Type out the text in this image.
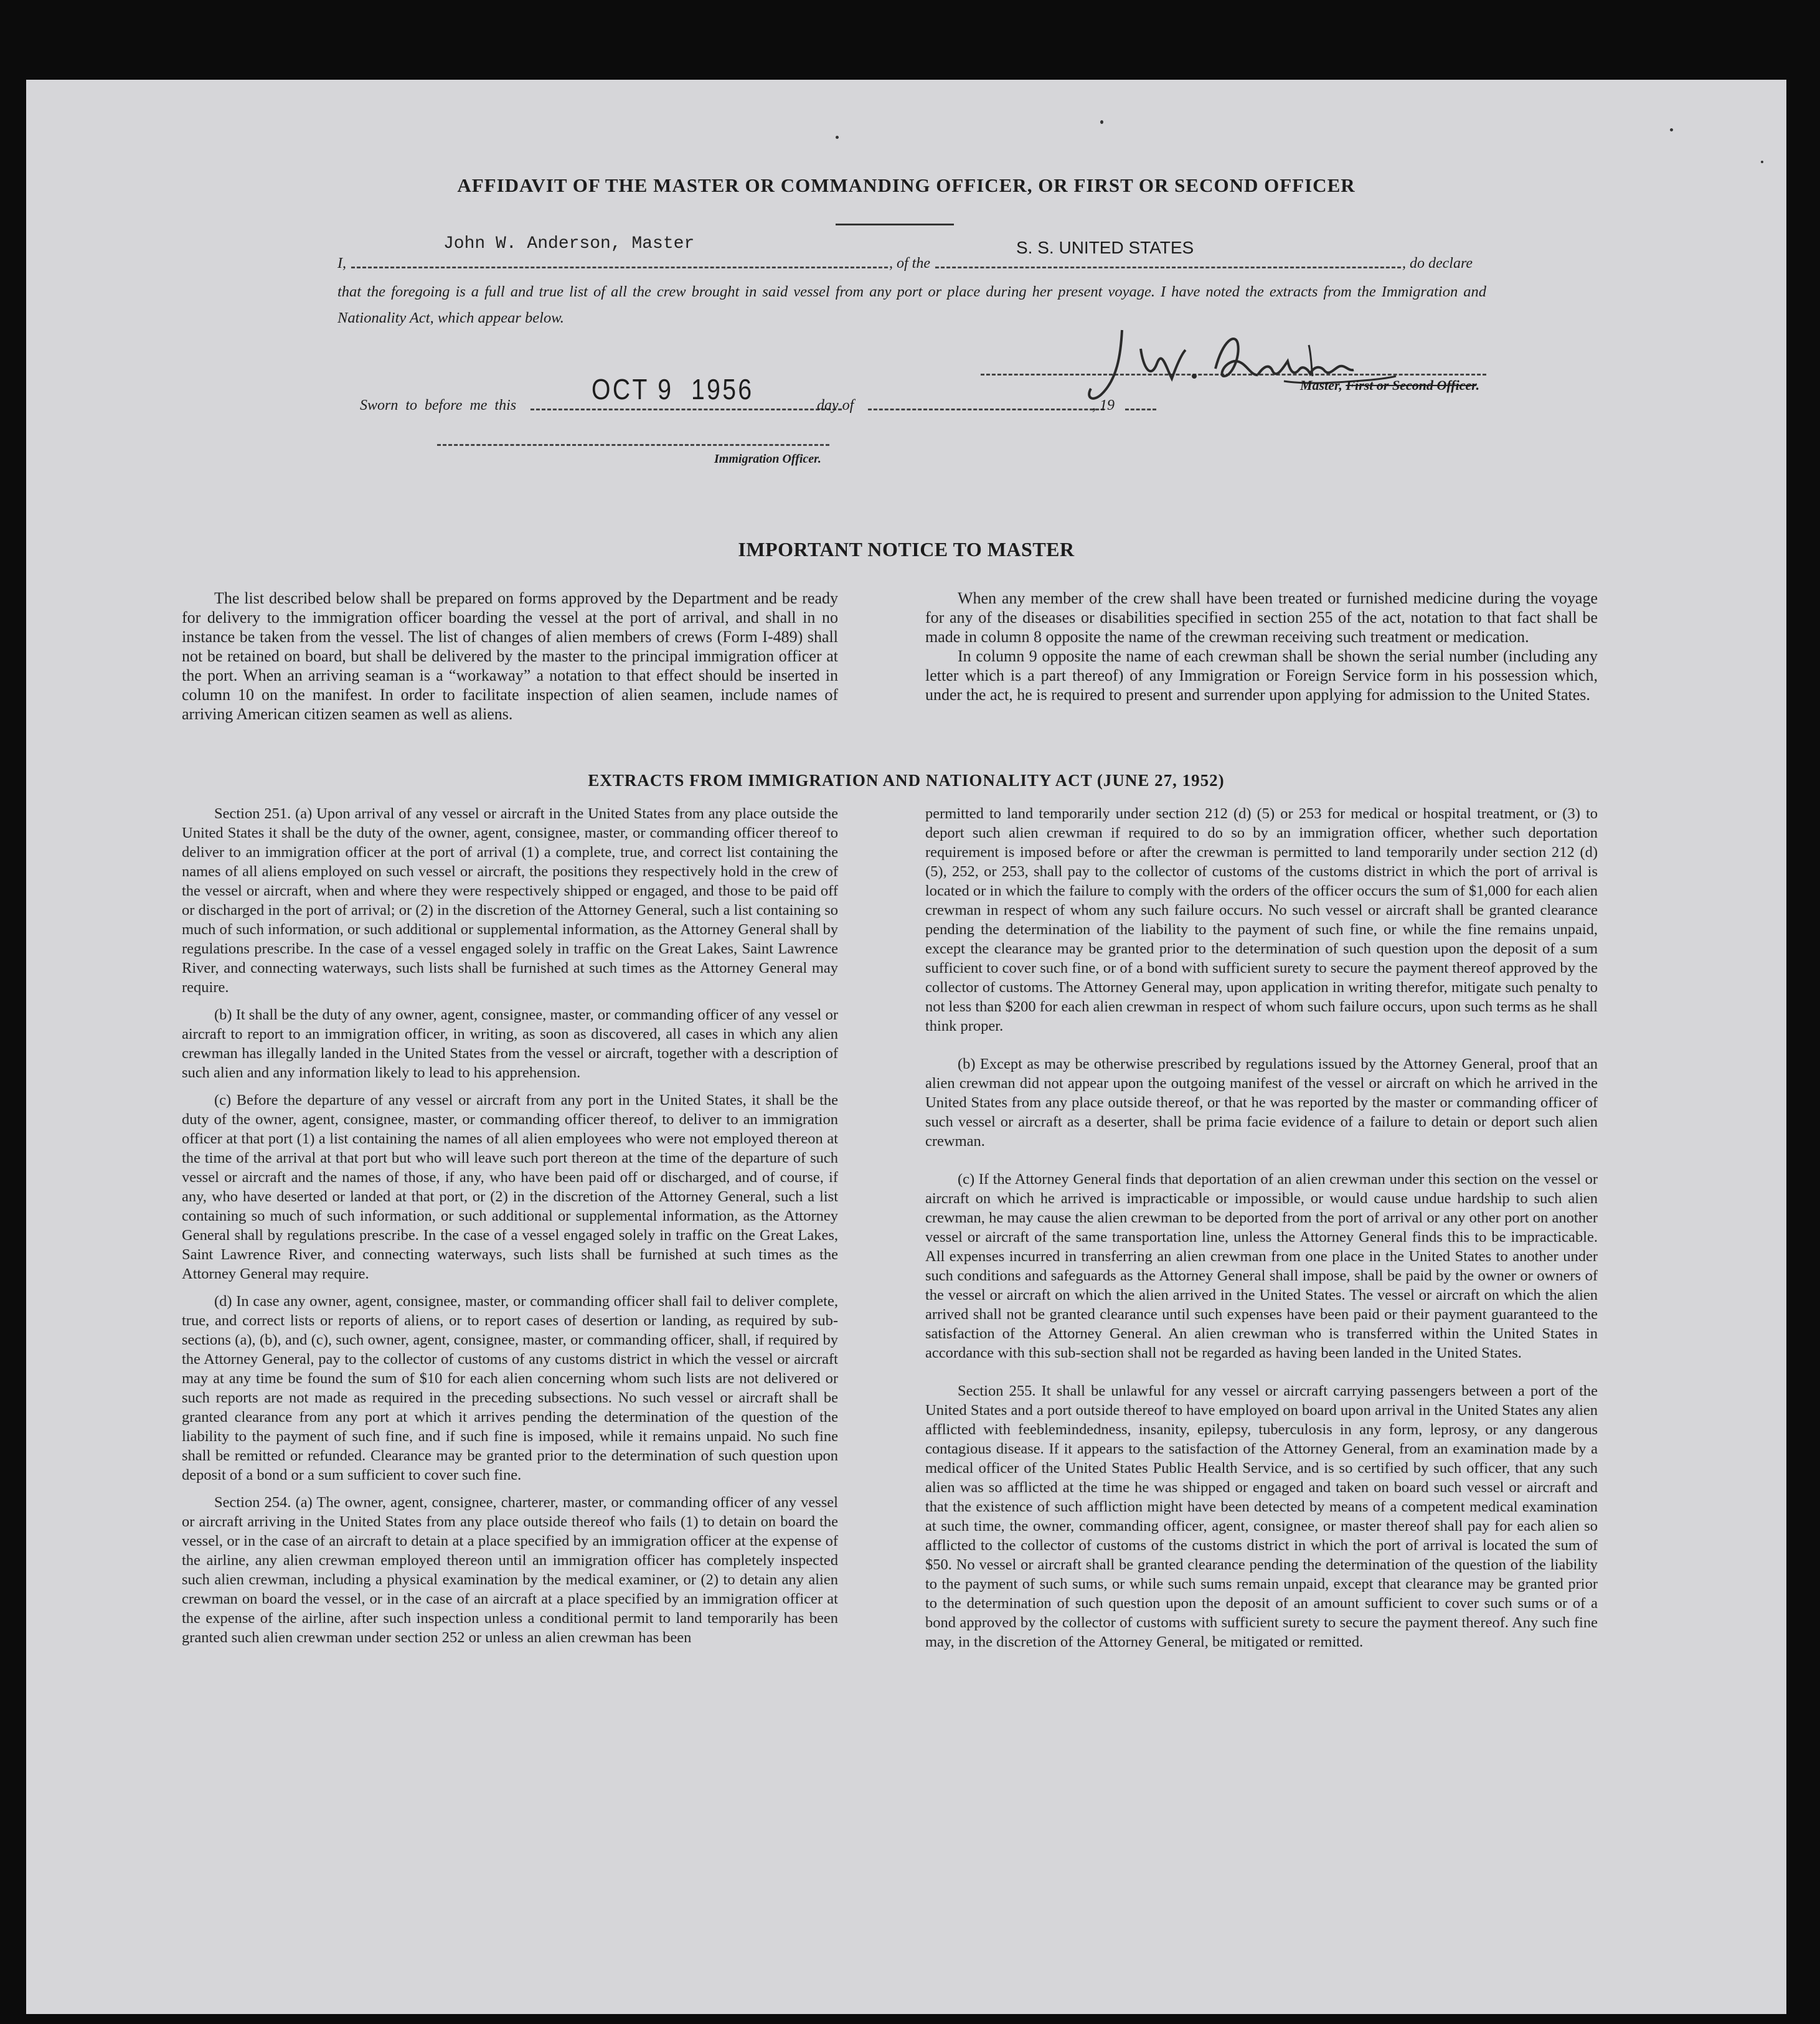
AFFIDAVIT OF THE MASTER OR COMMANDING OFFICER, OR FIRST OR SECOND OFFICER
I,
John W. Anderson, Master
, of the
S. S. UNITED STATES
, do declare
that the foregoing is a full and true list of all the crew brought in said vessel from any port or place during her present voyage. I have noted the extracts from the Immigration and Nationality Act, which appear below.
Master, First or Second Officer.
Sworn to before me this	OCT 9  1956	day of	, 19
Immigration Officer.
IMPORTANT NOTICE TO MASTER

The list described below shall be prepared on forms approved by the Department and be ready for delivery to the immigration officer boarding the vessel at the port of arrival, and shall in no instance be taken from the vessel. The list of changes of alien members of crews (Form I-489) shall not be retained on board, but shall be delivered by the master to the principal immigration officer at the port. When an arriving seaman is a “workaway” a notation to that effect should be inserted in column 10 on the manifest. In order to facilitate inspection of alien seamen, include names of arriving American citizen seamen as well as aliens.

When any member of the crew shall have been treated or furnished medicine during the voyage for any of the diseases or disabilities specified in section 255 of the act, notation to that fact shall be made in column 8 opposite the name of the crewman receiving such treatment or medication.

In column 9 opposite the name of each crewman shall be shown the serial number (including any letter which is a part thereof) of any Immigration or Foreign Service form in his possession which, under the act, he is required to present and surrender upon applying for admission to the United States.

EXTRACTS FROM IMMIGRATION AND NATIONALITY ACT (JUNE 27, 1952)

Section 251. (a) Upon arrival of any vessel or aircraft in the United States from any place outside the United States it shall be the duty of the owner, agent, consignee, master, or commanding officer thereof to deliver to an immigration officer at the port of arrival (1) a complete, true, and correct list containing the names of all aliens employed on such vessel or aircraft, the positions they respectively hold in the crew of the vessel or aircraft, when and where they were respectively shipped or engaged, and those to be paid off or discharged in the port of arrival; or (2) in the discretion of the Attorney General, such a list containing so much of such information, or such additional or supplemental information, as the Attorney General shall by regulations prescribe. In the case of a vessel engaged solely in traffic on the Great Lakes, Saint Lawrence River, and connecting waterways, such lists shall be furnished at such times as the Attorney General may require.

(b) It shall be the duty of any owner, agent, consignee, master, or commanding officer of any vessel or aircraft to report to an immigration officer, in writing, as soon as discovered, all cases in which any alien crewman has illegally landed in the United States from the vessel or aircraft, together with a description of such alien and any information likely to lead to his apprehension.

(c) Before the departure of any vessel or aircraft from any port in the United States, it shall be the duty of the owner, agent, consignee, master, or commanding officer thereof, to deliver to an immigration officer at that port (1) a list containing the names of all alien employees who were not employed thereon at the time of the arrival at that port but who will leave such port thereon at the time of the departure of such vessel or aircraft and the names of those, if any, who have been paid off or discharged, and of course, if any, who have deserted or landed at that port, or (2) in the discretion of the Attorney General, such a list containing so much of such information, or such additional or supplemental information, as the Attorney General shall by regulations prescribe. In the case of a vessel engaged solely in traffic on the Great Lakes, Saint Lawrence River, and connecting waterways, such lists shall be furnished at such times as the Attorney General may require.

(d) In case any owner, agent, consignee, master, or commanding officer shall fail to deliver complete, true, and correct lists or reports of aliens, or to report cases of desertion or landing, as required by sub-sections (a), (b), and (c), such owner, agent, consignee, master, or commanding officer, shall, if required by the Attorney General, pay to the collector of customs of any customs district in which the vessel or aircraft may at any time be found the sum of $10 for each alien concerning whom such lists are not delivered or such reports are not made as required in the preceding subsections. No such vessel or aircraft shall be granted clearance from any port at which it arrives pending the determination of the question of the liability to the payment of such fine, and if such fine is imposed, while it remains unpaid. No such fine shall be remitted or refunded. Clearance may be granted prior to the determination of such question upon deposit of a bond or a sum sufficient to cover such fine.

Section 254. (a) The owner, agent, consignee, charterer, master, or commanding officer of any vessel or aircraft arriving in the United States from any place outside thereof who fails (1) to detain on board the vessel, or in the case of an aircraft to detain at a place specified by an immigration officer at the expense of the airline, any alien crewman employed thereon until an immigration officer has completely inspected such alien crewman, including a physical examination by the medical examiner, or (2) to detain any alien crewman on board the vessel, or in the case of an aircraft at a place specified by an immigration officer at the expense of the airline, after such inspection unless a conditional permit to land temporarily has been granted such alien crewman under section 252 or unless an alien crewman has been

permitted to land temporarily under section 212 (d) (5) or 253 for medical or hospital treatment, or (3) to deport such alien crewman if required to do so by an immigration officer, whether such deportation requirement is imposed before or after the crewman is permitted to land temporarily under section 212 (d) (5), 252, or 253, shall pay to the collector of customs of the customs district in which the port of arrival is located or in which the failure to comply with the orders of the officer occurs the sum of $1,000 for each alien crewman in respect of whom any such failure occurs. No such vessel or aircraft shall be granted clearance pending the determination of the liability to the payment of such fine, or while the fine remains unpaid, except the clearance may be granted prior to the determination of such question upon the deposit of a sum sufficient to cover such fine, or of a bond with sufficient surety to secure the payment thereof approved by the collector of customs. The Attorney General may, upon application in writing therefor, mitigate such penalty to not less than $200 for each alien crewman in respect of whom such failure occurs, upon such terms as he shall think proper.

(b) Except as may be otherwise prescribed by regulations issued by the Attorney General, proof that an alien crewman did not appear upon the outgoing manifest of the vessel or aircraft on which he arrived in the United States from any place outside thereof, or that he was reported by the master or commanding officer of such vessel or aircraft as a deserter, shall be prima facie evidence of a failure to detain or deport such alien crewman.

(c) If the Attorney General finds that deportation of an alien crewman under this section on the vessel or aircraft on which he arrived is impracticable or impossible, or would cause undue hardship to such alien crewman, he may cause the alien crewman to be deported from the port of arrival or any other port on another vessel or aircraft of the same transportation line, unless the Attorney General finds this to be impracticable. All expenses incurred in transferring an alien crewman from one place in the United States to another under such conditions and safeguards as the Attorney General shall impose, shall be paid by the owner or owners of the vessel or aircraft on which the alien arrived in the United States. The vessel or aircraft on which the alien arrived shall not be granted clearance until such expenses have been paid or their payment guaranteed to the satisfaction of the Attorney General. An alien crewman who is transferred within the United States in accordance with this sub-section shall not be regarded as having been landed in the United States.

Section 255. It shall be unlawful for any vessel or aircraft carrying passengers between a port of the United States and a port outside thereof to have employed on board upon arrival in the United States any alien afflicted with feeblemindedness, insanity, epilepsy, tuberculosis in any form, leprosy, or any dangerous contagious disease. If it appears to the satisfaction of the Attorney General, from an examination made by a medical officer of the United States Public Health Service, and is so certified by such officer, that any such alien was so afflicted at the time he was shipped or engaged and taken on board such vessel or aircraft and that the existence of such affliction might have been detected by means of a competent medical examination at such time, the owner, commanding officer, agent, consignee, or master thereof shall pay for each alien so afflicted to the collector of customs of the customs district in which the port of arrival is located the sum of $50. No vessel or aircraft shall be granted clearance pending the determination of the question of the liability to the payment of such sums, or while such sums remain unpaid, except that clearance may be granted prior to the determination of such question upon the deposit of an amount sufficient to cover such sums or of a bond approved by the collector of customs with sufficient surety to secure the payment thereof. Any such fine may, in the discretion of the Attorney General, be mitigated or remitted.
